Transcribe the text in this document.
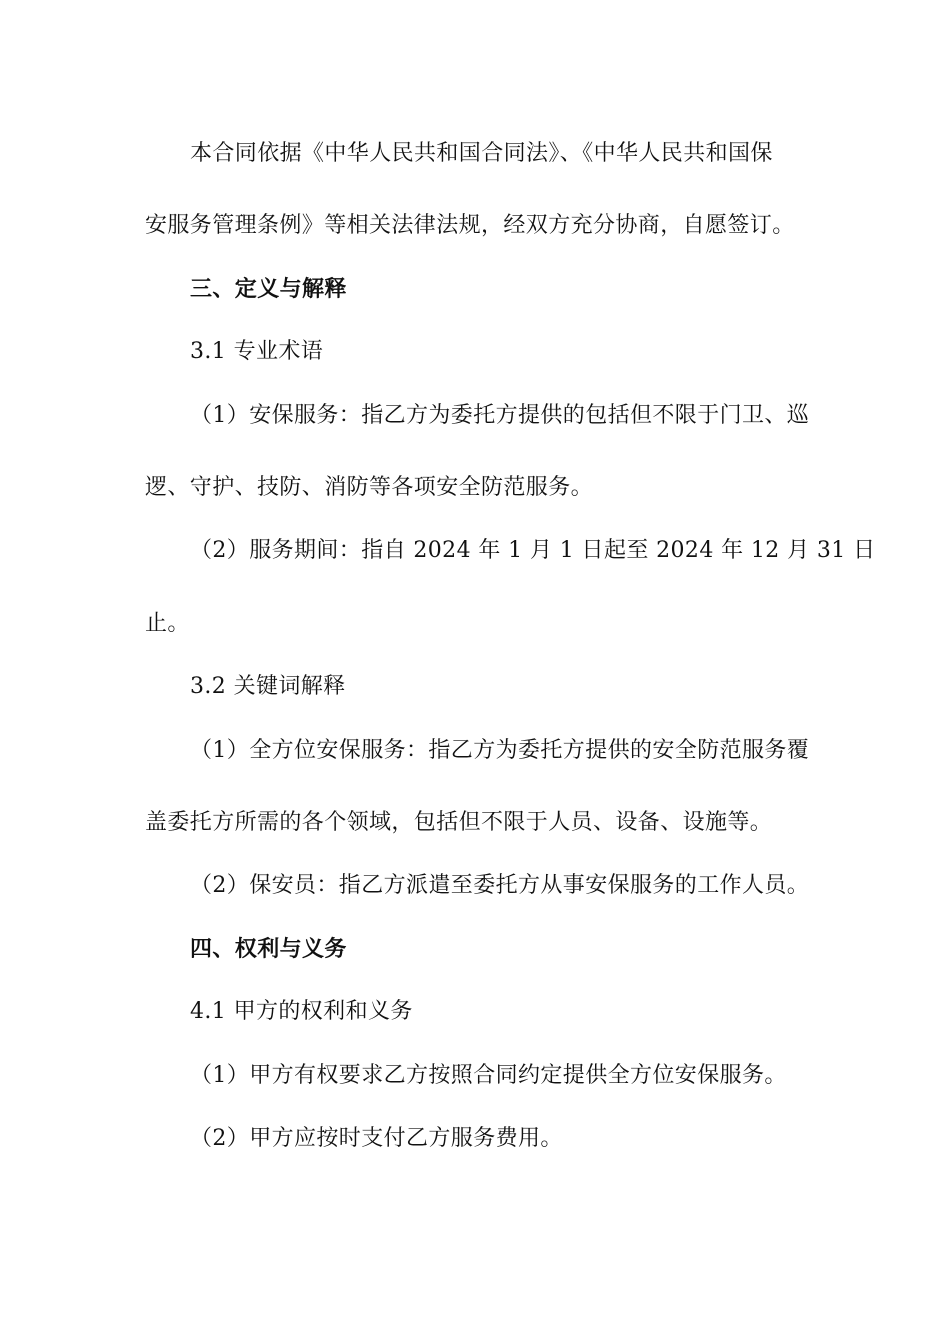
本合同依据《中华人民共和国合同法》、《中华人民共和国保
安服务管理条例》等相关法律法规，经双方充分协商，自愿签订。
三、定义与解释
3.1 专业术语
（1）安保服务：指乙方为委托方提供的包括但不限于门卫、巡
逻、守护、技防、消防等各项安全防范服务。
（2）服务期间：指自 2024 年 1 月 1 日起至 2024 年 12 月 31 日
止。
3.2 关键词解释
（1）全方位安保服务：指乙方为委托方提供的安全防范服务覆
盖委托方所需的各个领域，包括但不限于人员、设备、设施等。
（2）保安员：指乙方派遣至委托方从事安保服务的工作人员。
四、权利与义务
4.1 甲方的权利和义务
（1）甲方有权要求乙方按照合同约定提供全方位安保服务。
（2）甲方应按时支付乙方服务费用。
